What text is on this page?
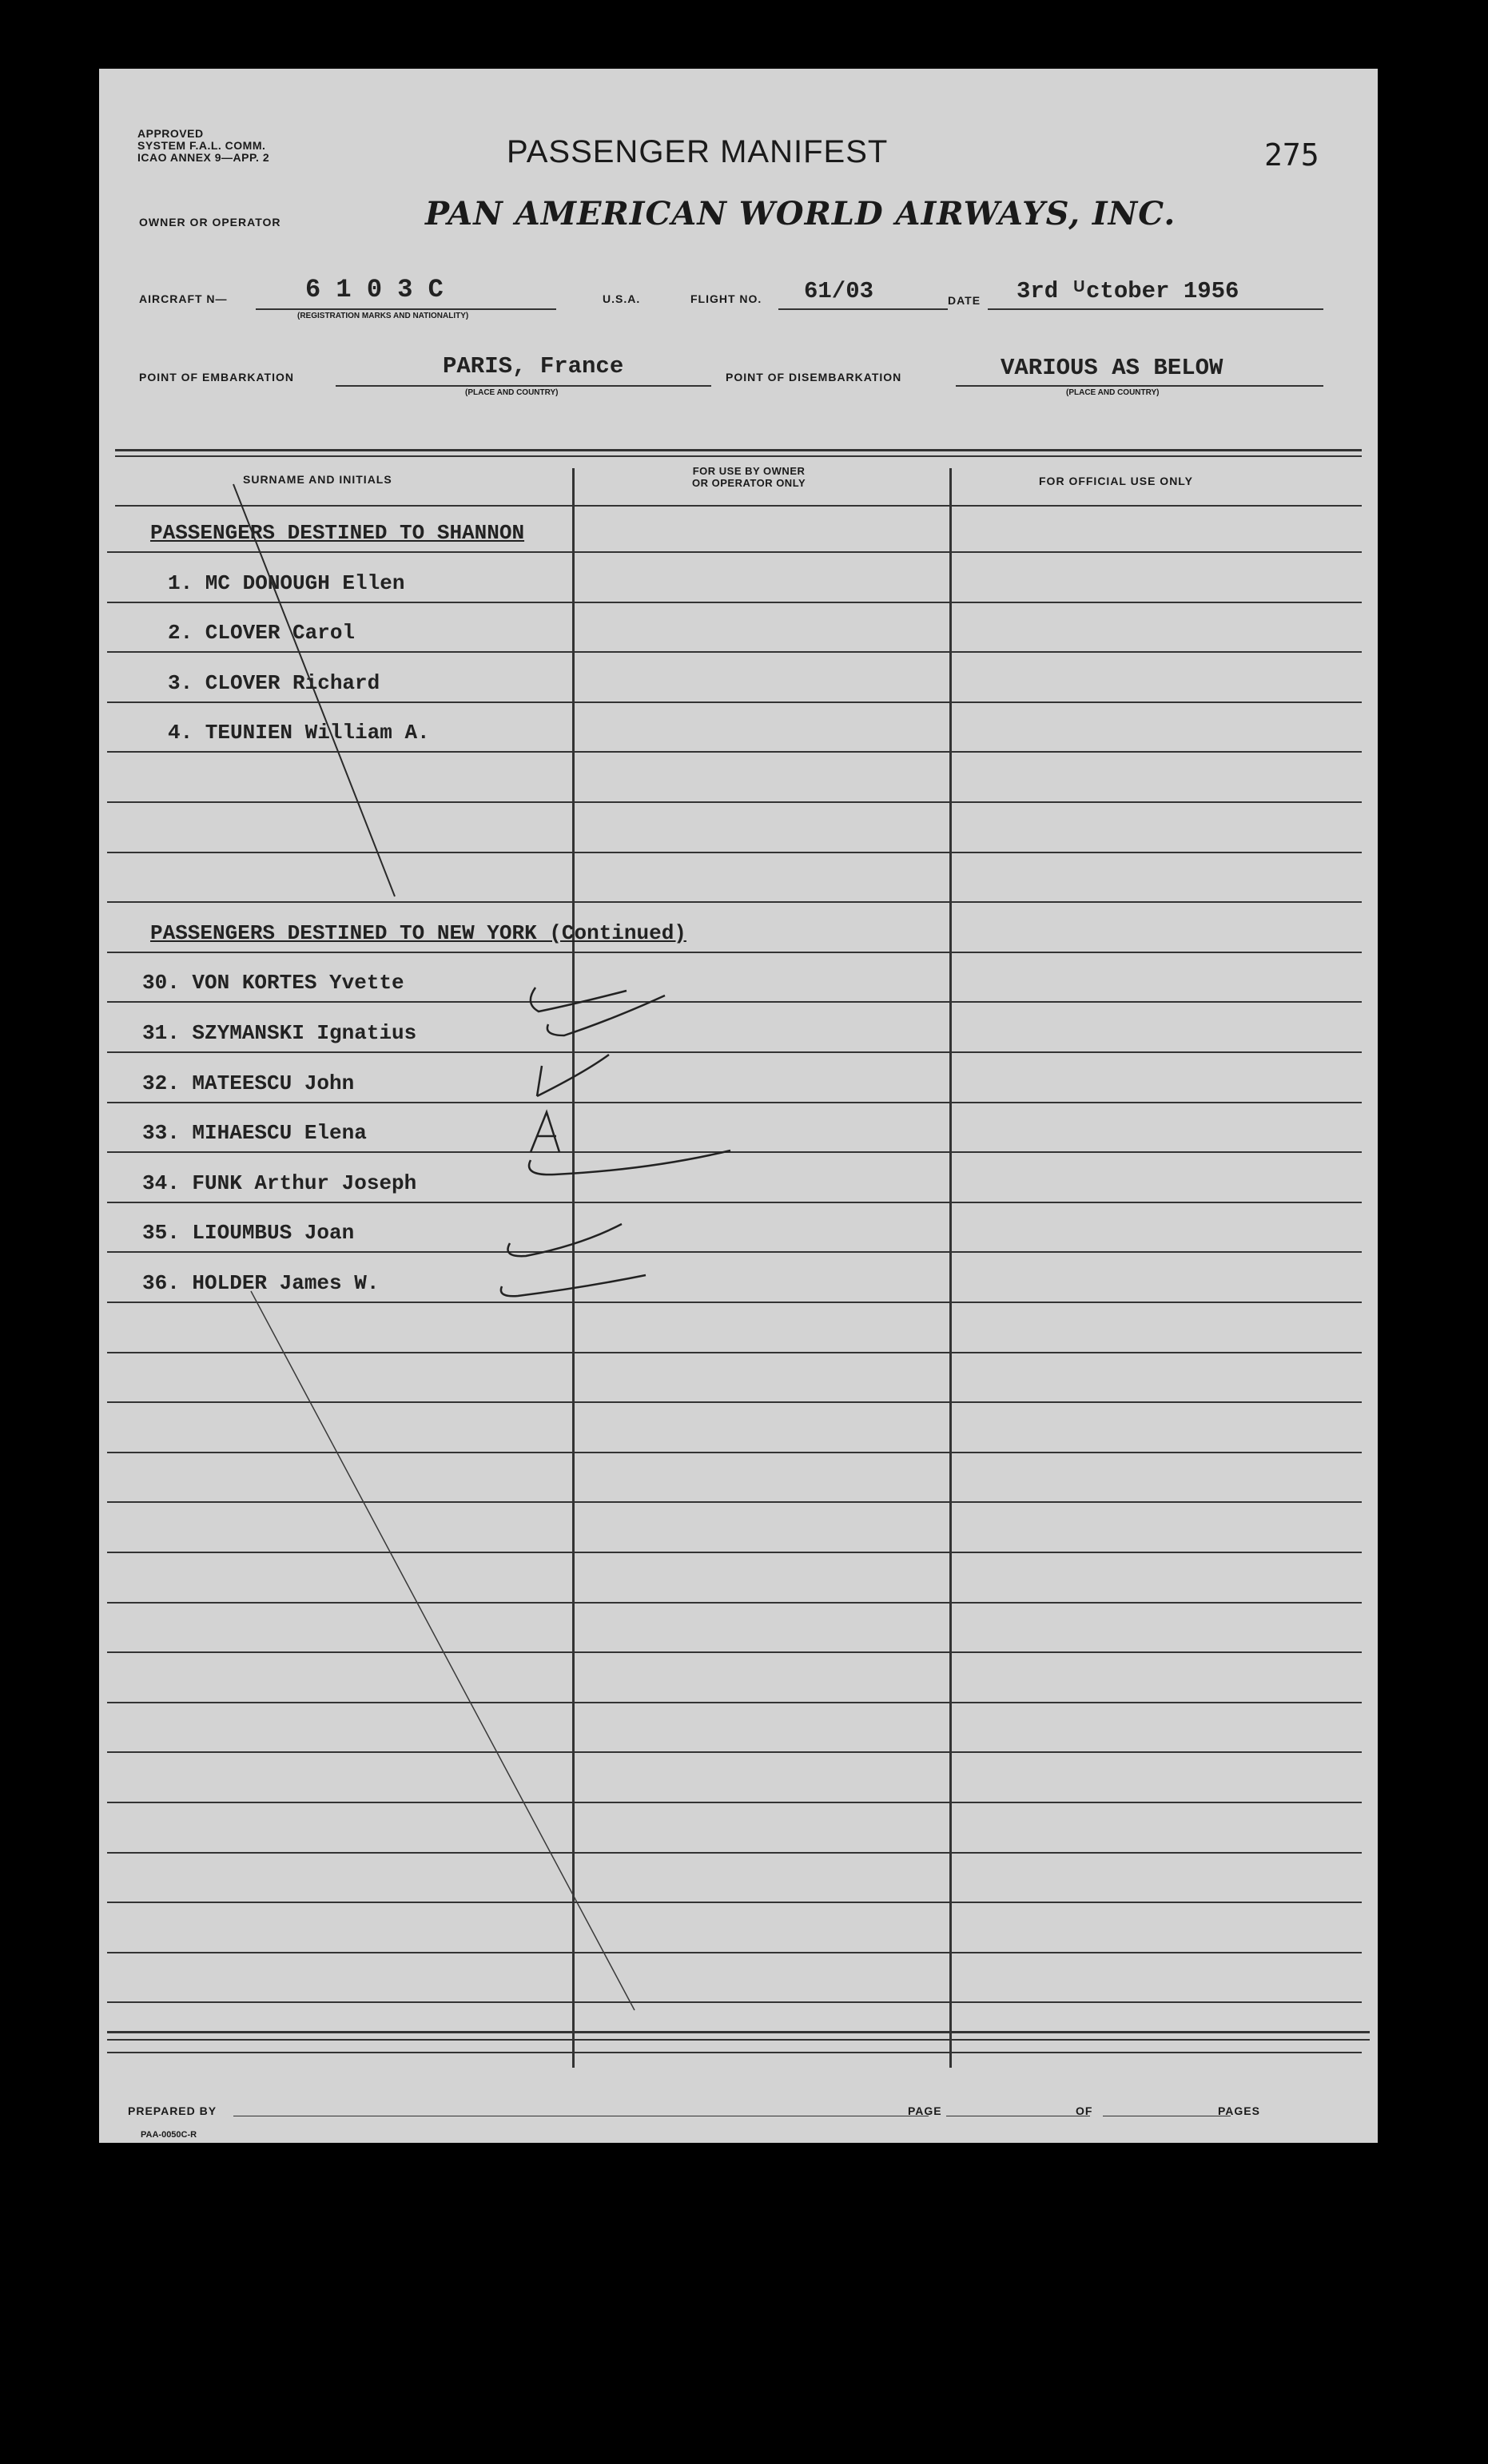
APPROVED
SYSTEM F.A.L. COMM.
ICAO ANNEX 9—APP. 2	PASSENGER MANIFEST	275
OWNER OR OPERATOR	PAN AMERICAN WORLD AIRWAYS, INC.
AIRCRAFT N—	6 1 0 3 C
(REGISTRATION MARKS AND NATIONALITY)
U.S.A.	FLIGHT NO. 61/03	DATE 3rd ᵁctober 1956
POINT OF EMBARKATION	PARIS, France
(PLACE AND COUNTRY)
POINT OF DISEMBARKATION	VARIOUS AS BELOW
(PLACE AND COUNTRY)
SURNAME AND INITIALS
FOR USE BY OWNER
OR OPERATOR ONLY	FOR OFFICIAL USE ONLY
PASSENGERS DESTINED TO SHANNON
1. MC DONOUGH Ellen
2. CLOVER Carol
3. CLOVER Richard
4. TEUNIEN William A.
PASSENGERS DESTINED TO NEW YORK (Continued)
30. VON KORTES Yvette
31. SZYMANSKI Ignatius
32. MATEESCU John
33. MIHAESCU Elena
34. FUNK Arthur Joseph
35. LIOUMBUS Joan
36. HOLDER James W.
PREPARED BY	PAGE	OF	PAGES
PAA-0050C-R
